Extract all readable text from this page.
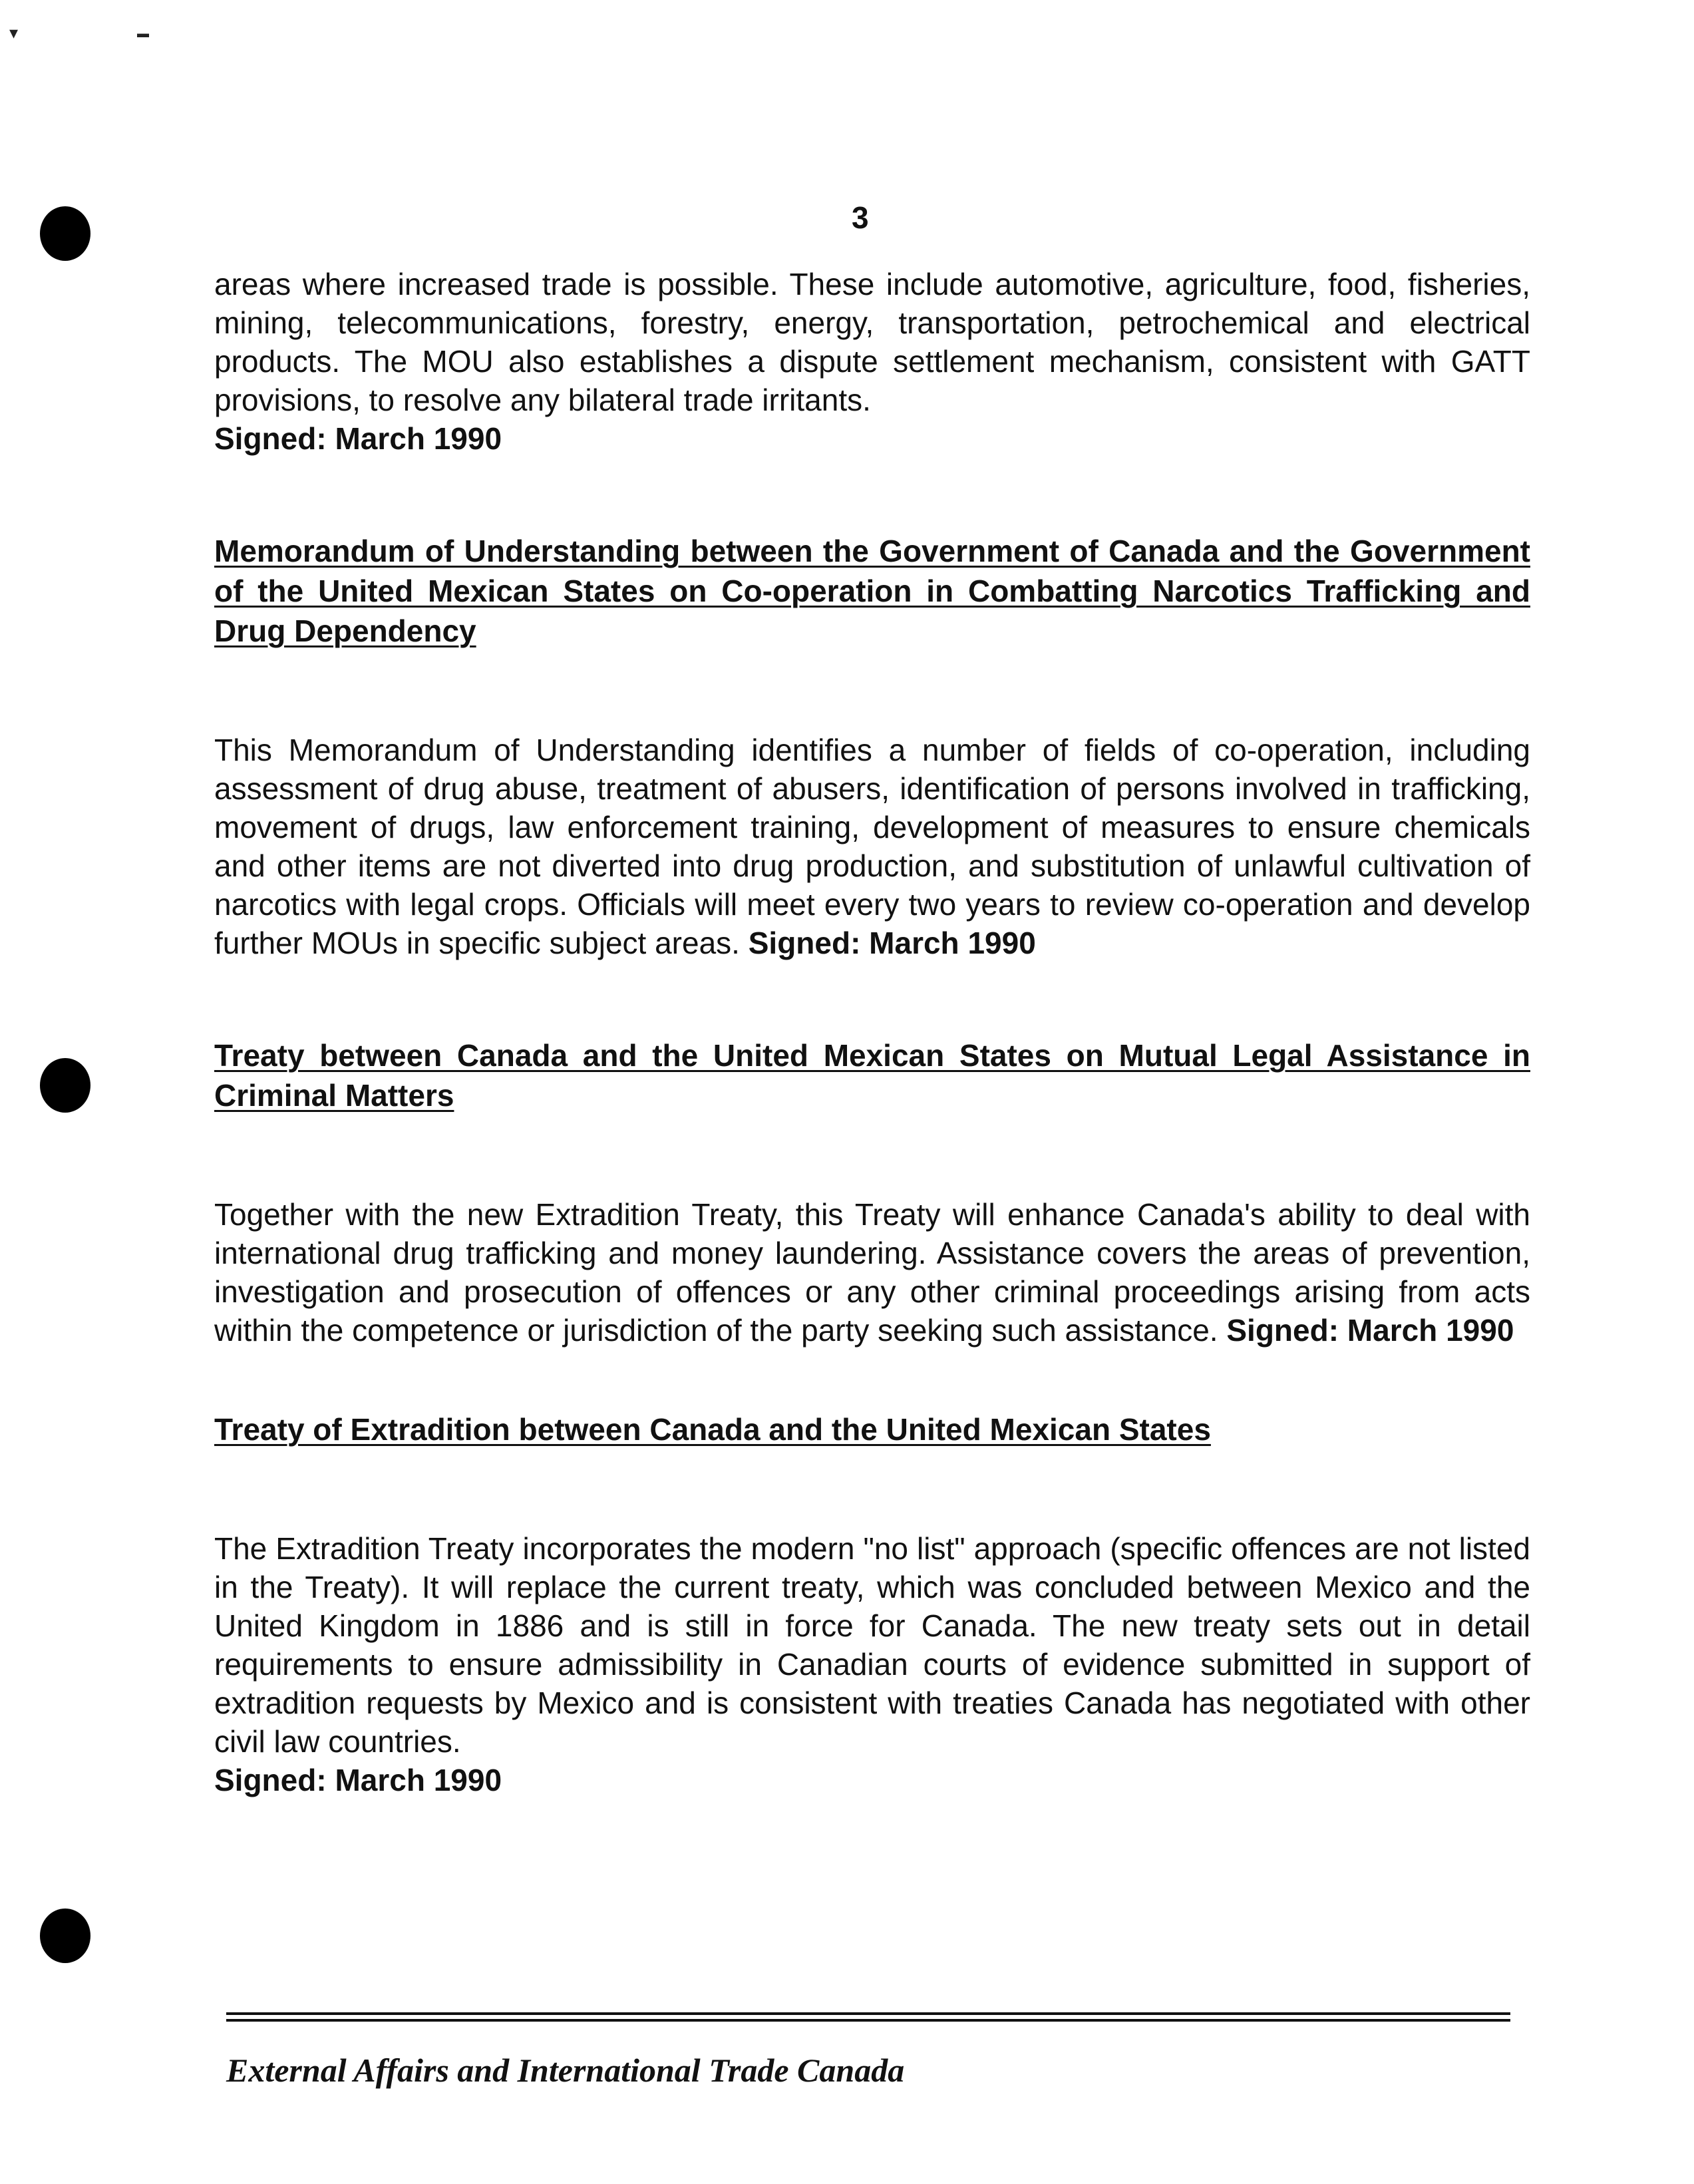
▾	▬
3

areas where increased trade is possible. These include automotive, agriculture, food, fisheries, mining, telecommunications, forestry, energy, transportation, petrochemical and electrical products. The MOU also establishes a dispute settlement mechanism, consistent with GATT provisions, to resolve any bilateral trade irritants.
Signed: March 1990

Memorandum of Understanding between the Government of Canada and the Government of the United Mexican States on Co-operation in Combatting Narcotics Trafficking and Drug Dependency

This Memorandum of Understanding identifies a number of fields of co-operation, including assessment of drug abuse, treatment of abusers, identification of persons involved in trafficking, movement of drugs, law enforcement training, development of measures to ensure chemicals and other items are not diverted into drug production, and substitution of unlawful cultivation of narcotics with legal crops. Officials will meet every two years to review co-operation and develop further MOUs in specific subject areas. Signed: March 1990

Treaty between Canada and the United Mexican States on Mutual Legal Assistance in Criminal Matters

Together with the new Extradition Treaty, this Treaty will enhance Canada's ability to deal with international drug trafficking and money laundering. Assistance covers the areas of prevention, investigation and prosecution of offences or any other criminal proceedings arising from acts within the competence or jurisdiction of the party seeking such assistance. Signed: March 1990

Treaty of Extradition between Canada and the United Mexican States

The Extradition Treaty incorporates the modern "no list" approach (specific offences are not listed in the Treaty). It will replace the current treaty, which was concluded between Mexico and the United Kingdom in 1886 and is still in force for Canada. The new treaty sets out in detail requirements to ensure admissibility in Canadian courts of evidence submitted in support of extradition requests by Mexico and is consistent with treaties Canada has negotiated with other civil law countries.
Signed: March 1990

External Affairs and International Trade Canada
